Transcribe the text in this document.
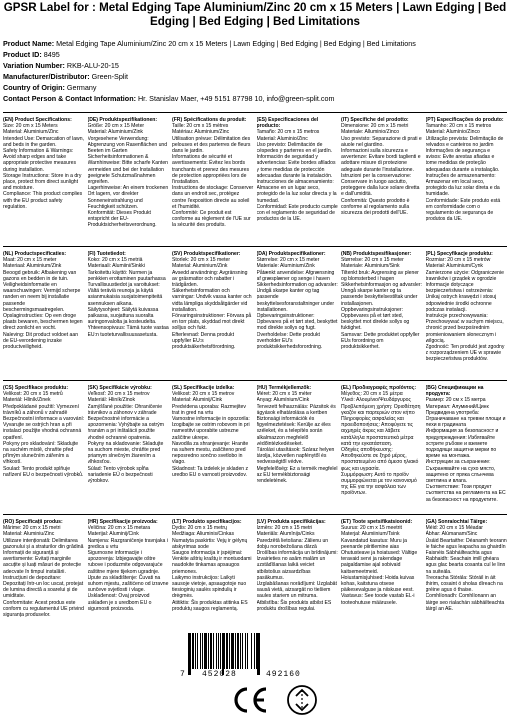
GPSR Label for : Metal Edging Tape Aluminium/Zinc 20 cm x 15 Meters | Lawn Edging | Bed Edging | Bed Edging | Bed Limitations
Product Name: Metal Edging Tape Aluminium/Zinc 20 cm x 15 Meters | Lawn Edging | Bed Edging | Bed Edging | Bed Limitations
Product ID: 8495
Variation Number: RKB-ALU-20-15
Manufacturer/Distributor: Green-Split
Country of Origin: Germany
Contact Person & Contact Information: Hr. Stanislav Maer, +49 5151 87798 10, info@green-split.com
(EN) Product Specifications:
Size: 20 cm x 15 Meters
Material: Aluminium/Zinc
Intended Use: Demarcation of lawn, and beds in the garden.
Safety Information & Warnings: Avoid sharp edges and take appropriate protective measures during installation.
Storage Instructions: Store in a dry place, protect from direct sunlight and moisture.
Compliance: This product complies with the EU product safety regulation.
(DE) Produktspezifikationen:
Größe: 20 cm x 15 Meter
Material: Aluminium/Zink
Vorgesehene Verwendung: Abgrenzung von Rasenflächen und Beeten im Garten
Sicherheitsinformationen & Warnhinweise: Bitte scharfe Kanten vermeiden und bei der Installation geeignete Schutzmaßnahmen ergreifen.
Lagerhinweise: An einem trockenen Ort lagern, vor direkter Sonneneinstrahlung und Feuchtigkeit schützen.
Konformität: Dieses Produkt entspricht der EU-Produktsicherheitsverordnung.
(FR) Spécifications du produit:
Taille: 20 cm x 15 mètres
Matériau: Aluminium/Zinc
Utilisation prévue: Délimitation des pelouses et des parterres de fleurs dans le jardin.
Informations de sécurité et avertissements: Évitez les bords tranchants et prenez des mesures de protection appropriées lors de l'installation.
Instructions de stockage: Conserver dans un endroit sec, protégez contre l'exposition directe au soleil et l'humidité.
Conformité: Ce produit est conforme au règlement de l'UE sur la sécurité des produits.
(ES) Especificaciones del producto:
Tamaño: 20 cm x 15 metros
Material: Aluminio/Zinc
Uso previsto: Delimitación de céspedes y parterres en el jardín.
Información de seguridad y advertencias: Evite bordes afilados y tome medidas de protección adecuadas durante la instalación.
Instrucciones de almacenamiento: Almacene en un lugar seco, protegido de la luz solar directa y la humedad.
Conformidad: Este producto cumple con el reglamento de seguridad de productos de la UE.
(IT) Specifiche del prodotto:
Dimensione: 20 cm x 15 metri
Materiale: Alluminio/Zinco
Uso previsto: Separazione di prati e aiuole nel giardino.
Informazioni sulla sicurezza e avvertenze: Evitare bordi taglienti e adottare misure di protezione adeguate durante l'installazione.
Istruzioni per la conservazione: Conservare in luogo asciutto, proteggere dalla luce solare diretta e dall'umidità.
Conformità: Questo prodotto è conforme al regolamento sulla sicurezza dei prodotti dell'UE.
(PT) Especificações do produto:
Tamanho: 20 cm x 15 metros
Material: Alumínio/Zinco
Utilização prevista: Delimitação de relvados e canteiros no jardim
Informações de segurança e avisos: Evite arestas afiadas e tome medidas de proteção adequadas durante a instalação.
Instruções de armazenamento: Armazenar em local seco, protegido da luz solar direta e da humidade.
Conformidade: Este produto está em conformidade com o regulamento de segurança de produtos da UE.
(NL) Productspecificaties:
Maat: 20 cm x 15 meter
Materiaal: Aluminium/Zink
Beoogd gebruik: Afbakening van gazons en bedden in de tuin.
Veiligheidsinformatie en waarschuwingen: Vermijd scherpe randen en neem bij installatie passende beschermingsmaatregelen.
Opslaginstructies: Op een droge plaats bewaren, beschermen tegen direct zonlicht en vocht.
Naleving: Dit product voldoet aan de EU-verordening inzake productveiligheid.
(FI) Tuotetiedot:
Koko: 20 cm x 15 metriä
Materiaali: Alumiini/Sinkki
Tarkoitettu käyttö: Nurmen ja penkkien erottaminen puutarhassa
Turvallisuustiedot ja varoitukset: Vältä teräviä reunoja ja käytä asianmukaisia suojatoimenpiteitä asennuksen aikana.
Säilytysohjeet: Säilytä kuivassa paikassa, suojattuna suoralta auringonvalolta ja kosteudelta.
Yhteensopivuus: Tämä tuote vastaa EU:n tuoteturvallisuusasetusta.
(SV) Produktspecifikationer:
Storlek: 20 cm x 15 meter
Material: Aluminium/Zink
Avsedd användning: Avgränsning av gräsmattor och rabatter i trädgården.
Säkerhetsinformation och varningar: Undvik vassa kanter och vidta lämpliga skyddsåtgärder vid installation.
Förvaringsinstruktioner: Förvara på en torr plats, skyddad mot direkt solljus och fukt.
Efterlevnad: Denna produkt uppfyller EU:s produktsäkerhetsförordning.
(DA) Produktspecifikationer:
Størrelse: 20 cm x 15 meter
Materiale: Aluminium/Zink
Påtænkt anvendelse: Afgrænsning af græsplæner og senge i haven
Sikkerhedsinformation og advarsler: Undgå skarpe kanter og tag passende beskyttelsesforanstaltninger under installationen.
Opbevaringsinstruktioner: Opbevares på et tørt sted, beskyttet mod direkte sollys og fugt.
Overholdelse: Dette produkt overholder EU's produktsikkerhedsforordning.
(NB) Produktspesifikasjoner:
Størrelse: 20 cm x 15 meter
Materiale: Aluminium/Sink
Tiltenkt bruk: Avgrensing av plener og blomsterbed i hagen
Sikkerhetsinformasjon og advarsler: Unngå skarpe kanter og ta passende beskyttelsestiltak under installasjonen.
Oppbevaringsinstruksjoner: Oppbevares på et tørt sted, beskyttet mot direkte sollys og fuktighet.
Samsvar: Dette produktet oppfyller EUs forordning om produktsikkerhet.
(PL) Specyfikacje produktu:
Rozmiar: 20 cm x 15 metrów
Materiał: Aluminium/Cynk
Zamierzone użycie: Odgraniczenie trawników i grządek w ogrodzie
Informacje dotyczące bezpieczeństwa i ostrzeżenia: Unikaj ostrych krawędzi i stosuj odpowiednie środki ochronne podczas instalacji.
Instrukcje przechowywania: Przechowywać w suchym miejscu, chronić przed bezpośrednim promieniowaniem słonecznym i wilgocią.
Zgodność: Ten produkt jest zgodny z rozporządzeniem UE w sprawie bezpieczeństwa produktów.
(CS) Specifikace produktu:
Velikost: 20 cm x 15 metrů
Materiál: Hliník/Zinek
Předpokládané použití: Vymezení trávníků a záhonů v zahradě
Bezpečnostní informace a varování: Vyvarujte se ostrých hran a při instalaci použijte vhodná ochranná opatření.
Pokyny pro skladování: Skladujte na suchém místě, chraňte před přímým slunečním zářením a vlhkostí.
Soulad: Tento produkt splňuje nařízení EU o bezpečnosti výrobků.
(SK) Špecifikácie výrobku:
Veľkosť: 20 cm x 15 metrov
Materiál: Hliník/Zinok
Zamýšľané použitie: Ohraničenie trávnikov a záhonov v záhrade
Bezpečnostné informácie a upozornenia: Vyhýbajte sa ostrým hranám a pri inštalácii použite vhodné ochranné opatrenia.
Pokyny na skladovanie: Skladujte na suchom mieste, chráňte pred priamym slnečným žiarením a vlhkosťou.
Súlad: Tento výrobok spĺňa nariadenie EÚ o bezpečnosti výrobkov.
(SL) Specifikacije izdelka:
Velikost: 20 cm x 15 metrov
Material: Aluminij/Cink
Predvidena uporaba: Razmejitev trat in gred na vrtu
Varnostne informacije in opozorila: Izogibajte se ostrim robovom in pri namestitvi uporabite ustrezne zaščitne ukrepe.
Navodila za shranjevanje: Hranite na suhem mestu, zaščiteno pred neposredno sončno svetlobo in vlago.
Skladnost: Ta izdelek je skladen z uredbo EU o varnosti proizvodov.
(HU) Termékjellemzők:
Méret: 20 cm x 15 méter
Anyag: Alumínium/Cink
Tervezett felhasználás: Pázsitok és ágyások elhatárolása a kertben
Biztonsági információk és figyelmeztetések: Kerülje az éles széleket, és a telepítés során alkalmazzon megfelelő védőintézkedéseket.
Tárolási utasítások: Száraz helyen tárolja, közvetlen napfénytől és nedvességtől védve.
Megfelelőség: Ez a termék megfelel az EU termékbiztonsági rendeletének.
(EL) Προδιαγραφές προϊόντος:
Μέγεθος: 20 cm x 15 μέτρα
Υλικό: Αλουμίνιο/Ψευδάργυρος
Προβλεπόμενη χρήση: Οριοθέτηση γκαζόν και παρτεριών στον κήπο
Πληροφορίες ασφαλείας και προειδοποιήσεις: Αποφύγετε τις αιχμηρές άκρες και λάβετε κατάλληλα προστατευτικά μέτρα κατά την εγκατάσταση.
Οδηγίες αποθήκευσης: Αποθηκεύστε σε ξηρό μέρος, προστατευμένο από άμεσο ηλιακό φως και υγρασία.
Συμμόρφωση: Αυτό το προϊόν συμμορφώνεται με τον κανονισμό της ΕΕ για την ασφάλεια των προϊόντων.
(BG) Спецификации на продукта:
Размер: 20 см x 15 метра
Материал: Алуминий/Цинк
Предвидена употреба: Ограничаване на тревни площи и лехи в градината
Информация за безопасност и предупреждения: Избягвайте острите ръбове и вземете подходящи защитни мерки по време на монтажа.
Инструкции за съхранение: Съхранявайте на сухо място, защитено от пряка слънчева светлина и влага.
Съответствие: Този продукт съответства на регламента на ЕС за безопасност на продуктите.
(RO) Specificații produs:
Mărime: 20 cm x 15 metri
Material: Aluminiu/Zinc
Utilizare intenționată: Delimitarea gazonului și a straturilor din grădină
Informații de siguranță și avertismente: Evitați marginile ascuțite și luați măsuri de protecție adecvate în timpul instalării.
Instrucțiuni de depozitare: Depozitați într-un loc uscat, protejat de lumina directă a soarelui și de umiditate.
Conformitate: Acest produs este conform cu regulamentul UE privind siguranța produselor.
(HR) Specifikacije proizvoda:
Veličina: 20 cm x 15 metara
Materijal: Aluminij/Cink
Namjena: Razgraničenje travnjaka i gredica u vrtu
Sigurnosne informacije i upozorenja: Izbjegavajte oštre rubove i poduzmite odgovarajuće zaštitne mjere tijekom ugradnje.
Upute za skladištenje: Čuvati na suhom mjestu, zaštićeno od izravne sunčeve svjetlosti i vlage.
Usklađenost: Ovaj proizvod usklađen je s uredbom EU o sigurnosti proizvoda.
(LT) Produkto specifikacijos:
Dydis: 20 cm x 15 metrų
Medžiaga: Aliuminis/Cinkas
Numatyta paskirtis: Vejų ir gėlynų atskyrimas sode
Saugos informacija ir įspėjimai: Venkite aštrių kraštų ir montuodami naudokite tinkamas apsaugos priemones.
Laikymo instrukcijos: Laikyti sausoje vietoje, apsaugotoje nuo tiesioginių saulės spindulių ir drėgmės.
Atitiktis: Šis produktas atitinka ES produktų saugos reglamentą.
(LV) Produkta specifikācijas:
Izmērs: 20 cm x 15 metri
Materiāls: Alumīnijs/Cinks
Paredzētā lietošana: Zālienu un dobju norobežošana dārzā
Drošības informācija un brīdinājumi: Izvairieties no asām malām un uzstādīšanas laikā veiciet atbilstošus aizsardzības pasākumus.
Uzglabāšanas norādījumi: Uzglabāt sausā vietā, aizsargāt no tiešiem saules stariem un mitruma.
Atbilstība: Šis produkts atbilst ES produktu drošības regulai.
(ET) Toote spetsifikatsioonid:
Suurus: 20 cm x 15 meetrit
Materjal: Alumiinium/Tsink
Kavandatud kasutus: Muru ja peenarde piiritlemine aias
Ohutusteave ja hoiatused: Vältige teravaid servi ja rakendage paigaldamise ajal sobivaid kaitsemeetmeid.
Hoiustamisjuhised: Hoida kuivas kohas, kaitstuna otsese päikesevalguse ja niiskuse eest.
Vastavus: See toode vastab EL-i tooteohutuse määrusele.
(GA) Sonraíochtaí Táirge:
Méid: 20 cm x 15 Méadar
Ábhar: Alúmanam/Sinc
Úsáid Beartaithe: Déanamh teorann le faiche agus leapacha sa ghairdín
Faisnéis Sábháilteachta agus Rabhaidh: Seachain imill ghéara agus glac bearta cosanta cuí le linn na suiteála.
Treoracha Stórála: Stóráil in áit thirim, cosaint ó sholas díreach na gréine agus ó thaise.
Comhlíonadh: Comhlíonann an táirge seo rialachán sábháilteachta táirgí an AE.
7 452028	492160
